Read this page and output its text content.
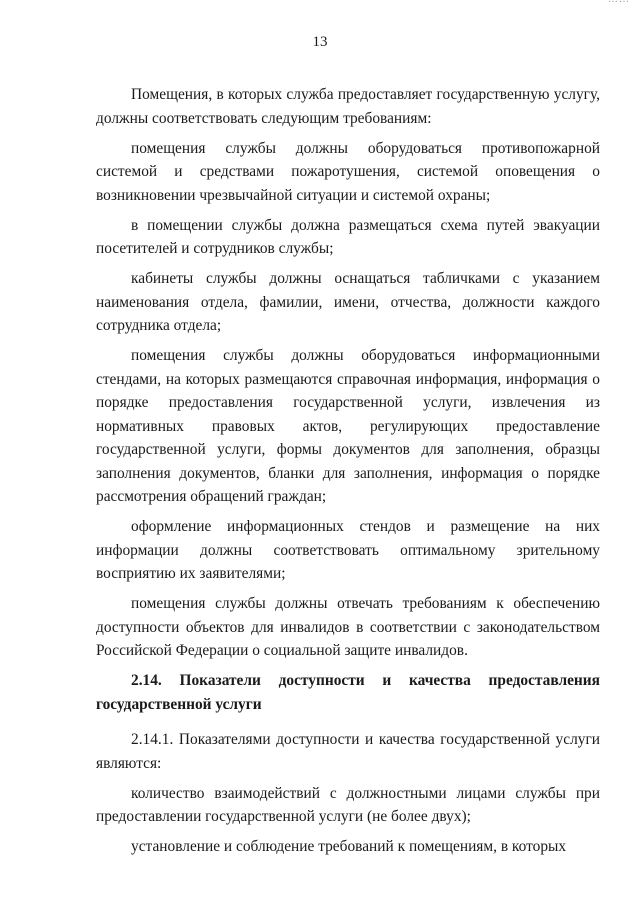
13

Помещения, в которых служба предоставляет государственную услугу, должны соответствовать следующим требованиям:

помещения службы должны оборудоваться противопожарной системой и средствами пожаротушения, системой оповещения о возникновении чрезвычайной ситуации и системой охраны;

в помещении службы должна размещаться схема путей эвакуации посетителей и сотрудников службы;

кабинеты службы должны оснащаться табличками с указанием наименования отдела, фамилии, имени, отчества, должности каждого сотрудника отдела;

помещения службы должны оборудоваться информационными стендами, на которых размещаются справочная информация, информация о порядке предоставления государственной услуги, извлечения из нормативных правовых актов, регулирующих предоставление государственной услуги, формы документов для заполнения, образцы заполнения документов, бланки для заполнения, информация о порядке рассмотрения обращений граждан;

оформление информационных стендов и размещение на них информации должны соответствовать оптимальному зрительному восприятию их заявителями;

помещения службы должны отвечать требованиям к обеспечению доступности объектов для инвалидов в соответствии с законодательством Российской Федерации о социальной защите инвалидов.

2.14. Показатели доступности и качества предоставления государственной услуги

2.14.1. Показателями доступности и качества государственной услуги являются:

количество взаимодействий с должностными лицами службы при предоставлении государственной услуги (не более двух);

установление и соблюдение требований к помещениям, в которых
